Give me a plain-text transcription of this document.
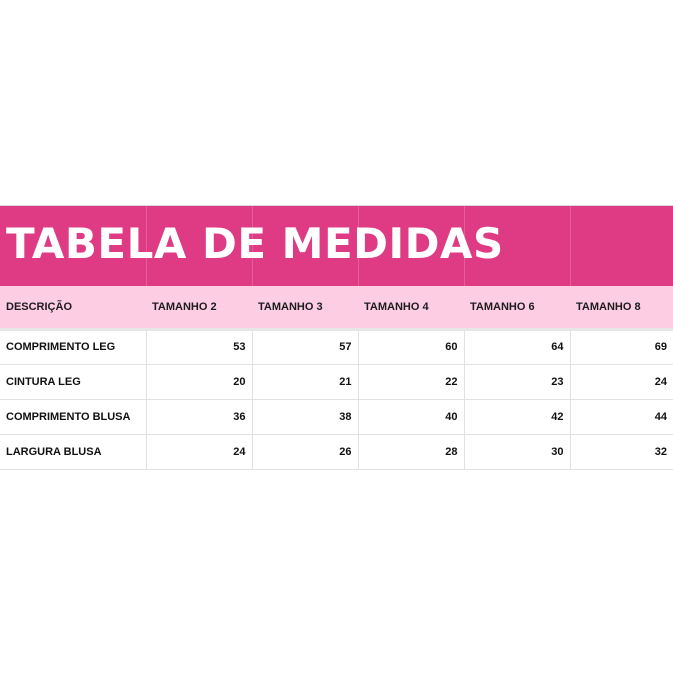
TABELA DE MEDIDAS
DESCRIÇÃO	TAMANHO 2	TAMANHO 3	TAMANHO 4	TAMANHO 6	TAMANHO 8
COMPRIMENTO LEG	53	57	60	64	69
CINTURA LEG	20	21	22	23	24
COMPRIMENTO BLUSA	36	38	40	42	44
LARGURA BLUSA	24	26	28	30	32
